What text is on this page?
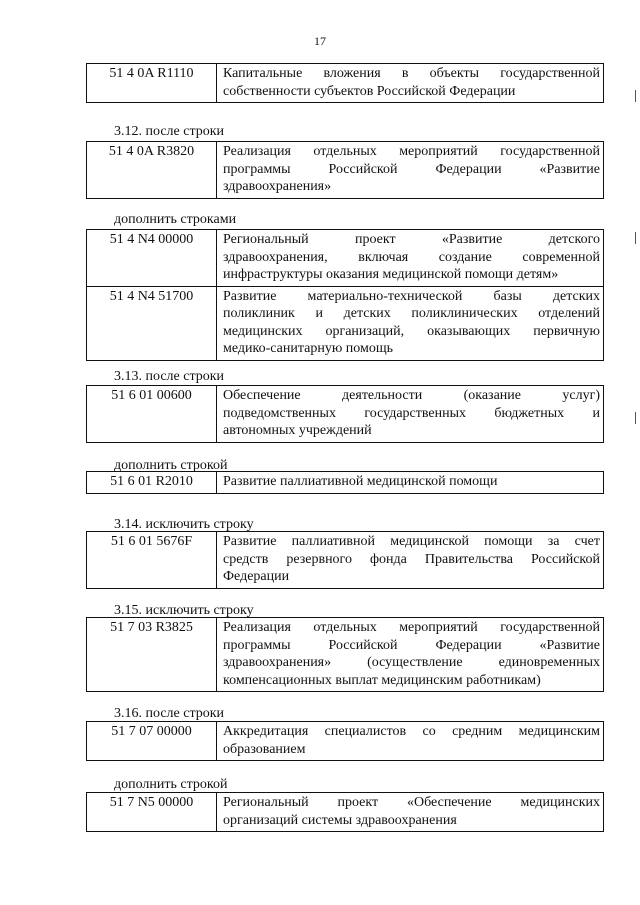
17
51 4 0A R1110	Капитальные вложения в объекты государственной
собственности субъектов Российской Федерации
3.12. после строки
51 4 0A R3820	Реализация отдельных мероприятий государственной
программы Российской Федерации «Развитие
здравоохранения»
дополнить строками
51 4 N4 00000	Региональный проект «Развитие детского
здравоохранения, включая создание современной
инфраструктуры оказания медицинской помощи детям»
51 4 N4 51700	Развитие материально-технической базы детских
поликлиник и детских поликлинических отделений
медицинских организаций, оказывающих первичную
медико-санитарную помощь
3.13. после строки
51 6 01 00600	Обеспечение деятельности (оказание услуг)
подведомственных государственных бюджетных и
автономных учреждений
дополнить строкой
51 6 01 R2010	Развитие паллиативной медицинской помощи
3.14. исключить строку
51 6 01 5676F	Развитие паллиативной медицинской помощи за счет
средств резервного фонда Правительства Российской
Федерации
3.15. исключить строку
51 7 03 R3825	Реализация отдельных мероприятий государственной
программы Российской Федерации «Развитие
здравоохранения» (осуществление единовременных
компенсационных выплат медицинским работникам)
3.16. после строки
51 7 07 00000	Аккредитация специалистов со средним медицинским
образованием
дополнить строкой
51 7 N5 00000	Региональный проект «Обеспечение медицинских
организаций системы здравоохранения
